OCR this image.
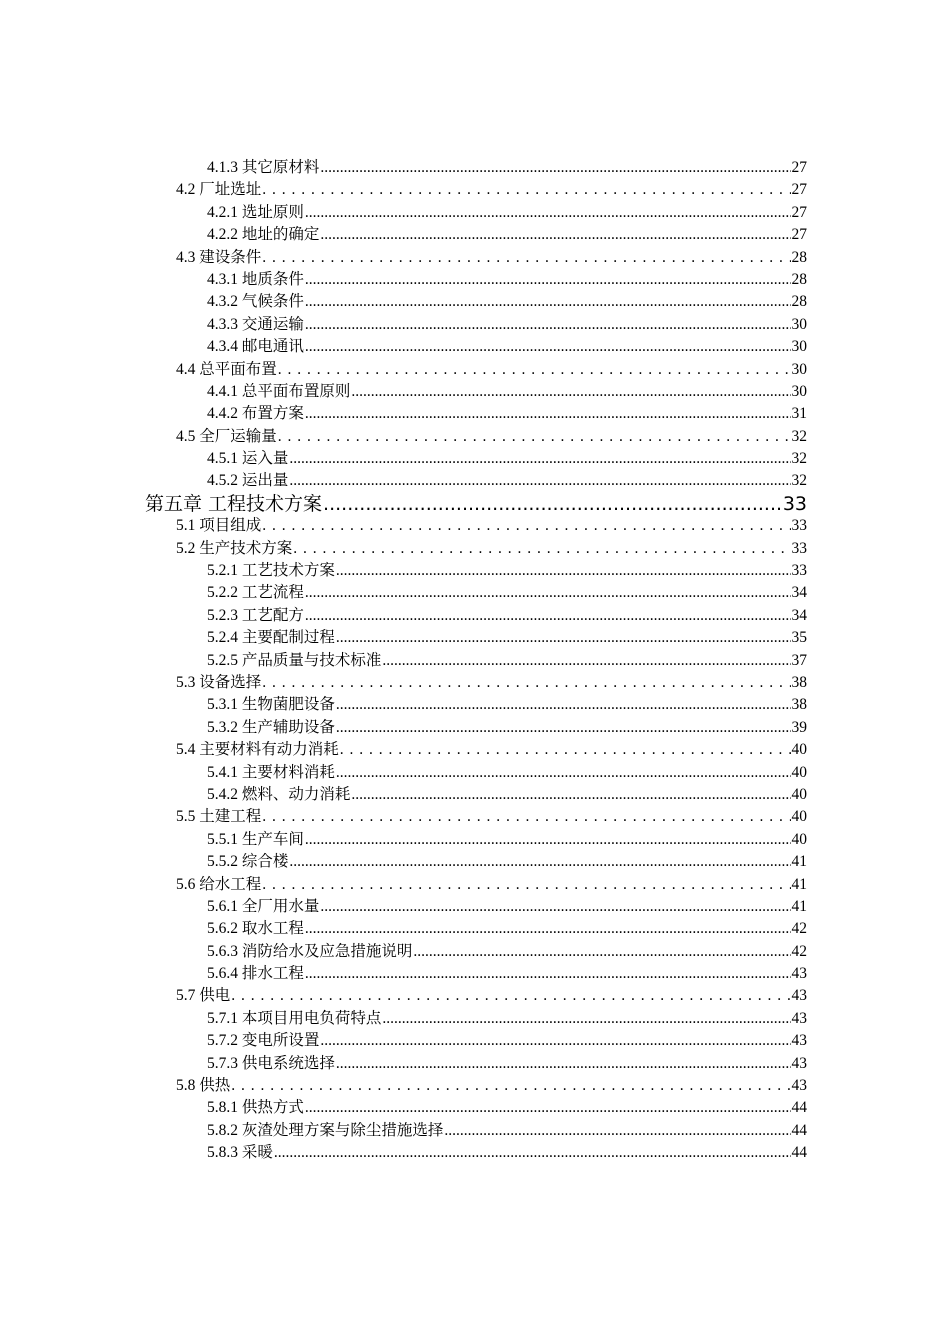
4.1.3 其它原材料 .....	27
4.2 厂址选址 . . .	27
4.2.1 选址原则 .....	27
4.2.2 地址的确定 .....	27
4.3 建设条件 . . .	28
4.3.1 地质条件 .....	28
4.3.2 气候条件 .....	28
4.3.3 交通运输 .....	30
4.3.4 邮电通讯 .....	30
4.4 总平面布置 . . .	30
4.4.1 总平面布置原则 .....	30
4.4.2 布置方案 .....	31
4.5 全厂运输量 . . .	32
4.5.1 运入量 .....	32
4.5.2 运出量 .....	32
第五章 工程技术方案 .....	33
5.1 项目组成 . . .	33
5.2 生产技术方案 . . .	33
5.2.1 工艺技术方案 .....	33
5.2.2 工艺流程 .....	34
5.2.3 工艺配方 .....	34
5.2.4 主要配制过程 .....	35
5.2.5 产品质量与技术标准 .....	37
5.3 设备选择 . . .	38
5.3.1 生物菌肥设备 .....	38
5.3.2 生产辅助设备 .....	39
5.4 主要材料有动力消耗 . . .	40
5.4.1 主要材料消耗 .....	40
5.4.2 燃料、动力消耗 .....	40
5.5 土建工程 . . .	40
5.5.1 生产车间 .....	40
5.5.2 综合楼 .....	41
5.6 给水工程 . . .	41
5.6.1 全厂用水量 .....	41
5.6.2 取水工程 .....	42
5.6.3 消防给水及应急措施说明 .....	42
5.6.4 排水工程 .....	43
5.7 供电 . . .	43
5.7.1 本项目用电负荷特点 .....	43
5.7.2 变电所设置 .....	43
5.7.3 供电系统选择 .....	43
5.8 供热 . . .	43
5.8.1 供热方式 .....	44
5.8.2 灰渣处理方案与除尘措施选择 .....	44
5.8.3 采暖 .....	44
